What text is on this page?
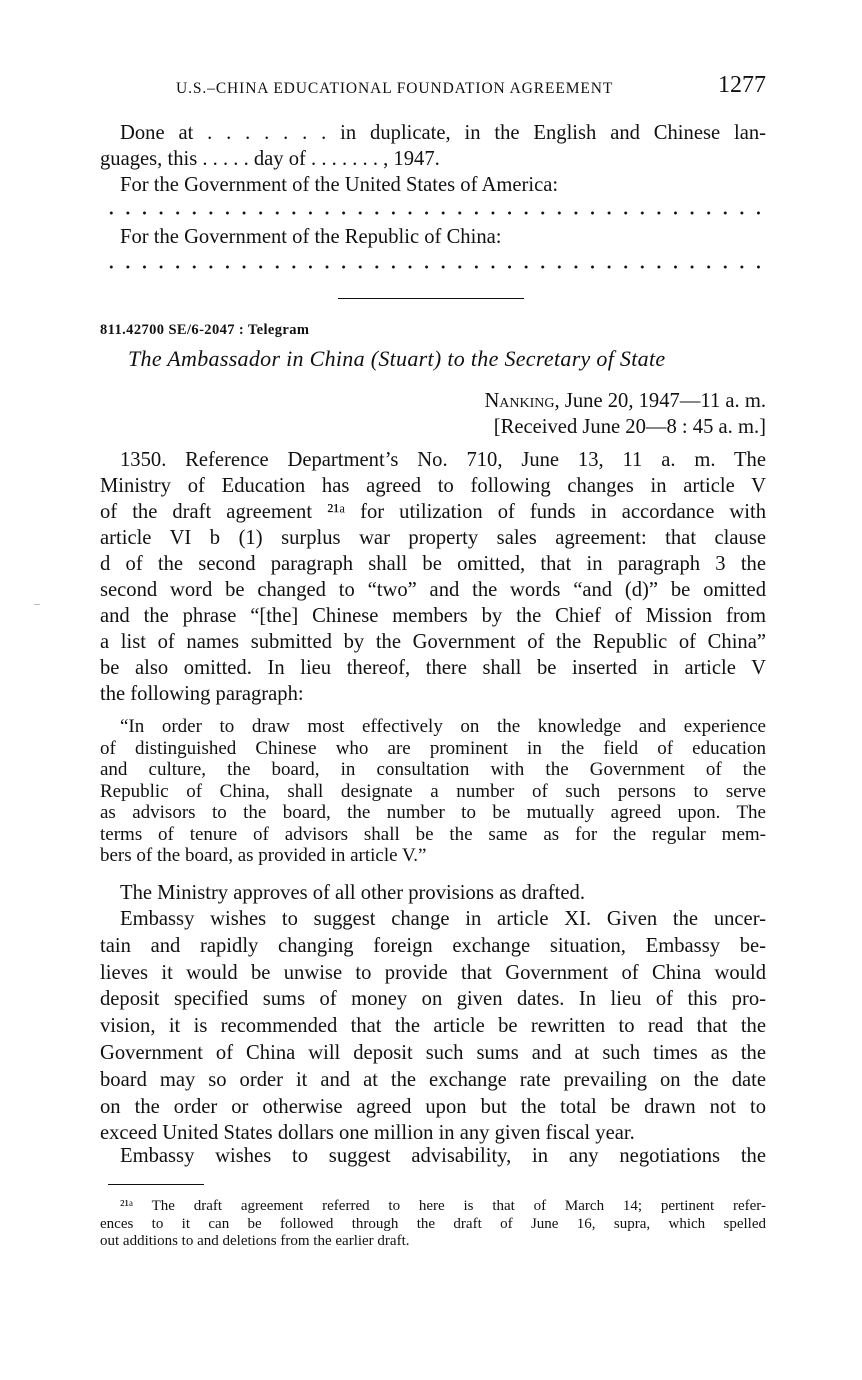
U.S.–CHINA EDUCATIONAL FOUNDATION AGREEMENT	1277
Done at . . . . . . . in duplicate, in the English and Chinese lan-
guages, this . . . . . day of . . . . . . . , 1947.
For the Government of the United States of America:
For the Government of the Republic of China:
811.42700 SE/6-2047 : Telegram
The Ambassador in China (Stuart) to the Secretary of State
Nanking, June 20, 1947—11 a. m.
[Received June 20—8 : 45 a. m.]
1350. Reference Department’s No. 710, June 13, 11 a. m. The
Ministry of Education has agreed to following changes in article V
of the draft agreement ²¹ᵃ for utilization of funds in accordance with
article VI b (1) surplus war property sales agreement: that clause
d of the second paragraph shall be omitted, that in paragraph 3 the
second word be changed to “two” and the words “and (d)” be omitted
and the phrase “[the] Chinese members by the Chief of Mission from
a list of names submitted by the Government of the Republic of China”
be also omitted. In lieu thereof, there shall be inserted in article V
the following paragraph:
“In order to draw most effectively on the knowledge and experience
of distinguished Chinese who are prominent in the field of education
and culture, the board, in consultation with the Government of the
Republic of China, shall designate a number of such persons to serve
as advisors to the board, the number to be mutually agreed upon. The
terms of tenure of advisors shall be the same as for the regular mem-
bers of the board, as provided in article V.”
The Ministry approves of all other provisions as drafted.
Embassy wishes to suggest change in article XI. Given the uncer-
tain and rapidly changing foreign exchange situation, Embassy be-
lieves it would be unwise to provide that Government of China would
deposit specified sums of money on given dates. In lieu of this pro-
vision, it is recommended that the article be rewritten to read that the
Government of China will deposit such sums and at such times as the
board may so order it and at the exchange rate prevailing on the date
on the order or otherwise agreed upon but the total be drawn not to
exceed United States dollars one million in any given fiscal year.
Embassy wishes to suggest advisability, in any negotiations the
²¹ᵃ The draft agreement referred to here is that of March 14; pertinent refer-
ences to it can be followed through the draft of June 16, supra, which spelled
out additions to and deletions from the earlier draft.
